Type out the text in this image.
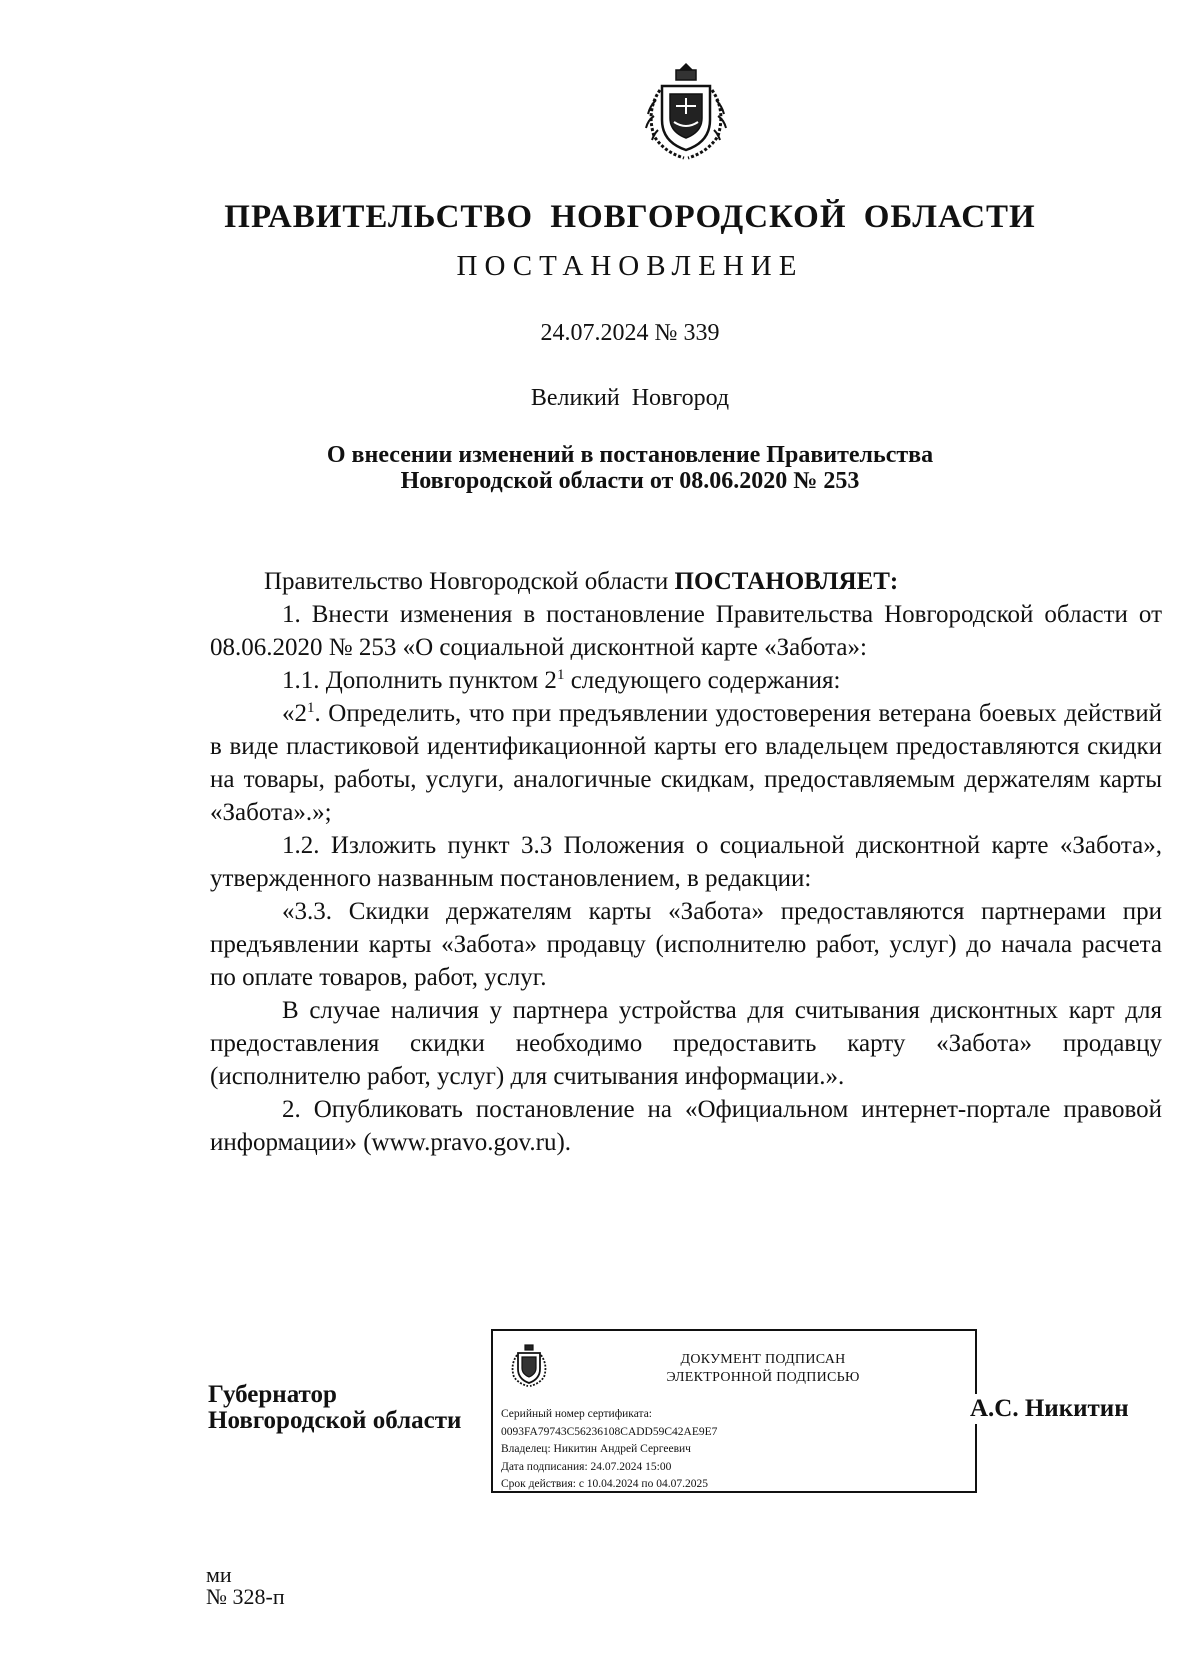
ПРАВИТЕЛЬСТВО НОВГОРОДСКОЙ ОБЛАСТИ
ПОСТАНОВЛЕНИЕ
24.07.2024 № 339
Великий Новгород
О внесении изменений в постановление Правительства
Новгородской области от 08.06.2020 № 253

Правительство Новгородской области ПОСТАНОВЛЯЕТ:

1. Внести изменения в постановление Правительства Новгородской области от 08.06.2020 № 253 «О социальной дисконтной карте «Забота»:

1.1. Дополнить пунктом $2^1$ следующего содержания:

«$2^1$. Определить, что при предъявлении удостоверения ветерана боевых действий в виде пластиковой идентификационной карты его владельцем предоставляются скидки на товары, работы, услуги, аналогичные скидкам, предоставляемым держателям карты «Забота».»;

1.2. Изложить пункт 3.3 Положения о социальной дисконтной карте «Забота», утвержденного названным постановлением, в редакции:

«3.3. Скидки держателям карты «Забота» предоставляются партнерами при предъявлении карты «Забота» продавцу (исполнителю работ, услуг) до начала расчета по оплате товаров, работ, услуг.

В случае наличия у партнера устройства для считывания дисконтных карт для предоставления скидки необходимо предоставить карту «Забота» продавцу (исполнителю работ, услуг) для считывания информации.».

2. Опубликовать постановление на «Официальном интернет-портале правовой информации» (www.pravo.gov.ru).

Губернатор
Новгородской области
ДОКУМЕНТ ПОДПИСАН
ЭЛЕКТРОННОЙ ПОДПИСЬЮ
Серийный номер сертификата:
0093FA79743C56236108CADD59C42AE9E7
Владелец: Никитин Андрей Сергеевич
Дата подписания: 24.07.2024 15:00
Срок действия: с 10.04.2024 по 04.07.2025
А.С. Никитин
ми
№ 328-п
